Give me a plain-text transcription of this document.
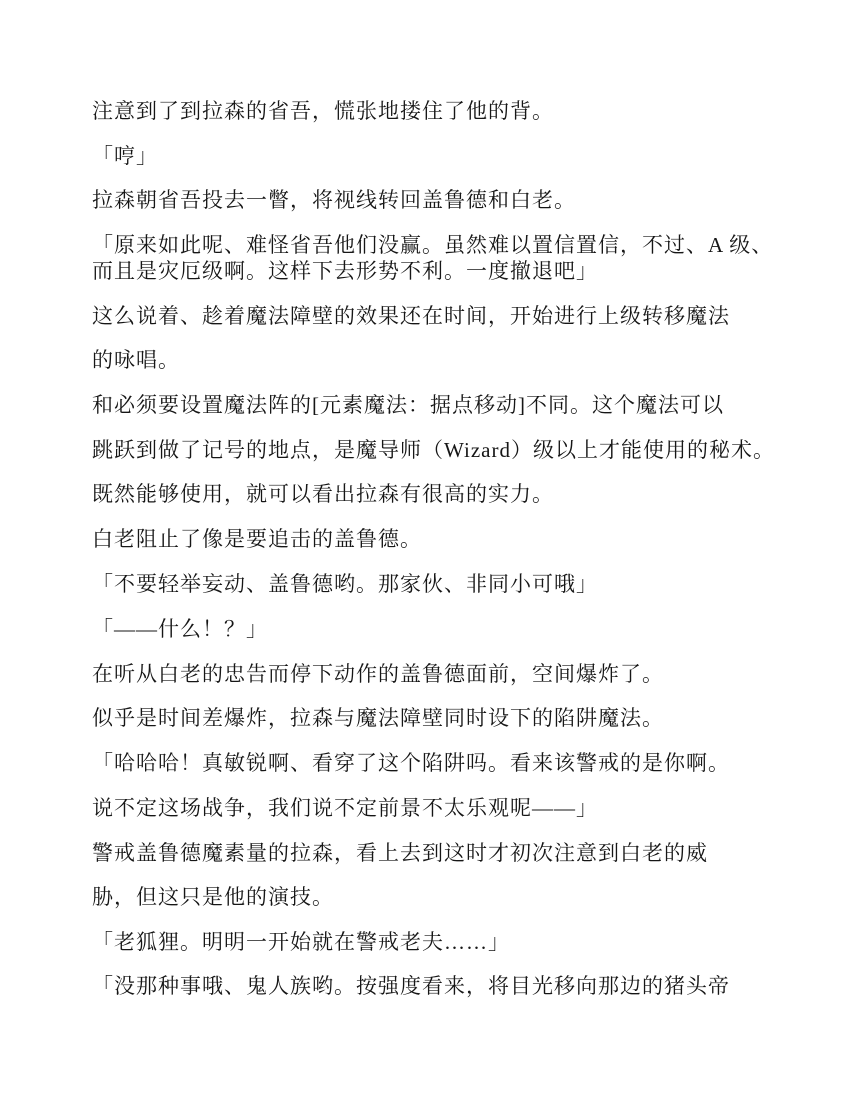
注意到了到拉森的省吾，慌张地搂住了他的背。
「哼」
拉森朝省吾投去一瞥，将视线转回盖鲁德和白老。
「原来如此呢、难怪省吾他们没赢。虽然难以置信置信，不过、A 级、
而且是灾厄级啊。这样下去形势不利。一度撤退吧」
这么说着、趁着魔法障壁的效果还在时间，开始进行上级转移魔法
的咏唱。
和必须要设置魔法阵的[元素魔法：据点移动]不同。这个魔法可以
跳跃到做了记号的地点，是魔导师（Wizard）级以上才能使用的秘术。
既然能够使用，就可以看出拉森有很高的实力。
白老阻止了像是要追击的盖鲁德。
「不要轻举妄动、盖鲁德哟。那家伙、非同小可哦」
「——什么！？」
在听从白老的忠告而停下动作的盖鲁德面前，空间爆炸了。
似乎是时间差爆炸，拉森与魔法障壁同时设下的陷阱魔法。
「哈哈哈！真敏锐啊、看穿了这个陷阱吗。看来该警戒的是你啊。
说不定这场战争，我们说不定前景不太乐观呢——」
警戒盖鲁德魔素量的拉森，看上去到这时才初次注意到白老的威
胁，但这只是他的演技。
「老狐狸。明明一开始就在警戒老夫……」
「没那种事哦、鬼人族哟。按强度看来，将目光移向那边的猪头帝
